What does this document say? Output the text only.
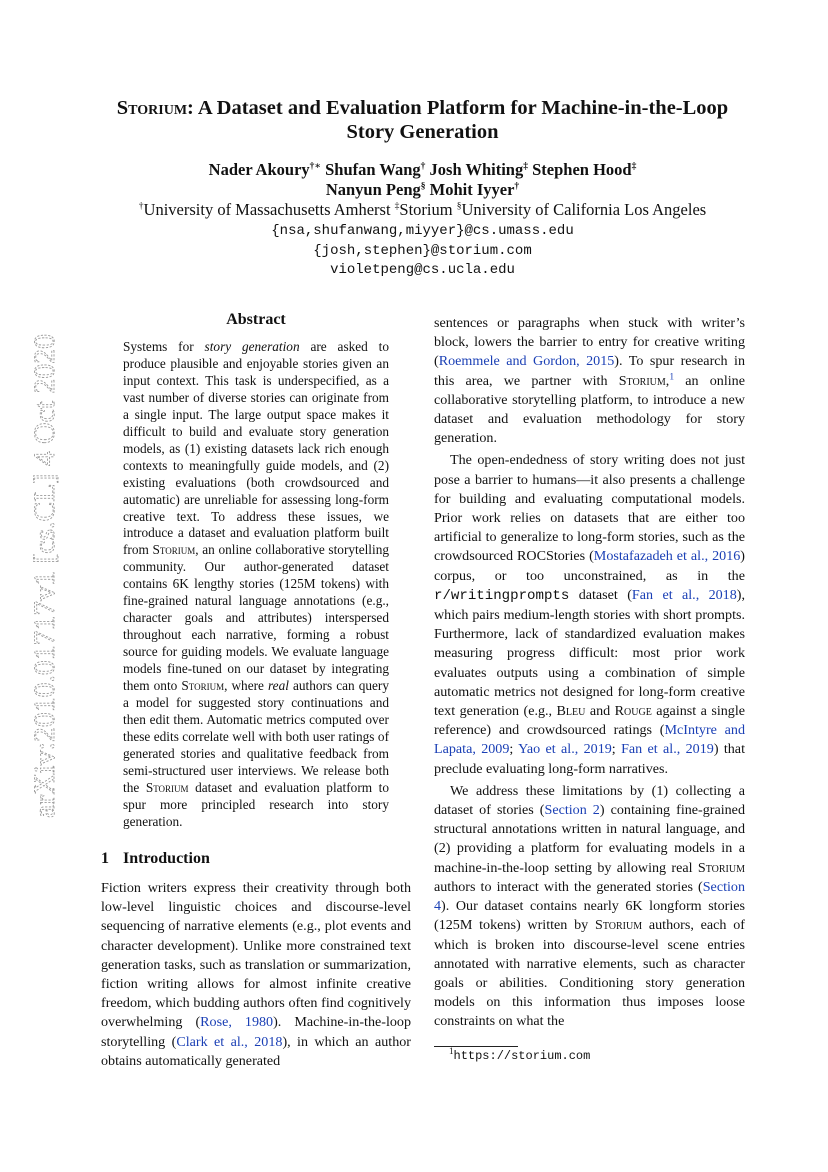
arXiv:2010.01717v1 [cs.CL] 4 Oct 2020
Storium: A Dataset and Evaluation Platform for Machine-in-the-Loop
Story Generation
Nader Akoury†∗ Shufan Wang† Josh Whiting‡ Stephen Hood‡
Nanyun Peng§ Mohit Iyyer†
†University of Massachusetts Amherst ‡Storium §University of California Los Angeles
{nsa,shufanwang,miyyer}@cs.umass.edu
{josh,stephen}@storium.com
violetpeng@cs.ucla.edu
Abstract
Systems for story generation are asked to produce plausible and enjoyable stories given an input context. This task is underspecified, as a vast number of diverse stories can originate from a single input. The large output space makes it difficult to build and evaluate story generation models, as (1) existing datasets lack rich enough contexts to meaningfully guide models, and (2) existing evaluations (both crowdsourced and automatic) are unreliable for assessing long-form creative text. To address these issues, we introduce a dataset and evaluation platform built from Storium, an online collaborative storytelling community. Our author-generated dataset contains 6K lengthy stories (125M tokens) with fine-grained natural language annotations (e.g., character goals and attributes) interspersed throughout each narrative, forming a robust source for guiding models. We evaluate language models fine-tuned on our dataset by integrating them onto Storium, where real authors can query a model for suggested story continuations and then edit them. Automatic metrics computed over these edits correlate well with both user ratings of generated stories and qualitative feedback from semi-structured user interviews. We release both the Storium dataset and evaluation platform to spur more principled research into story generation.
1 Introduction
Fiction writers express their creativity through both low-level linguistic choices and discourse-level sequencing of narrative elements (e.g., plot events and character development). Unlike more constrained text generation tasks, such as translation or summarization, fiction writing allows for almost infinite creative freedom, which budding authors often find cognitively overwhelming (Rose, 1980). Machine-in-the-loop storytelling (Clark et al., 2018), in which an author obtains automatically generated

sentences or paragraphs when stuck with writer’s block, lowers the barrier to entry for creative writing (Roemmele and Gordon, 2015). To spur research in this area, we partner with Storium,$^1$ an online collaborative storytelling platform, to introduce a new dataset and evaluation methodology for story generation.

The open-endedness of story writing does not just pose a barrier to humans—it also presents a challenge for building and evaluating computational models. Prior work relies on datasets that are either too artificial to generalize to long-form stories, such as the crowdsourced ROCStories (Mostafazadeh et al., 2016) corpus, or too unconstrained, as in the r/writingprompts dataset (Fan et al., 2018), which pairs medium-length stories with short prompts. Furthermore, lack of standardized evaluation makes measuring progress difficult: most prior work evaluates outputs using a combination of simple automatic metrics not designed for long-form creative text generation (e.g., Bleu and Rouge against a single reference) and crowdsourced ratings (McIntyre and Lapata, 2009; Yao et al., 2019; Fan et al., 2019) that preclude evaluating long-form narratives.

We address these limitations by (1) collecting a dataset of stories (Section 2) containing fine-grained structural annotations written in natural language, and (2) providing a platform for evaluating models in a machine-in-the-loop setting by allowing real Storium authors to interact with the generated stories (Section 4). Our dataset contains nearly 6K longform stories (125M tokens) written by Storium authors, each of which is broken into discourse-level scene entries annotated with narrative elements, such as character goals or abilities. Conditioning story generation models on this information thus imposes loose constraints on what the

$^1$https://storium.com
